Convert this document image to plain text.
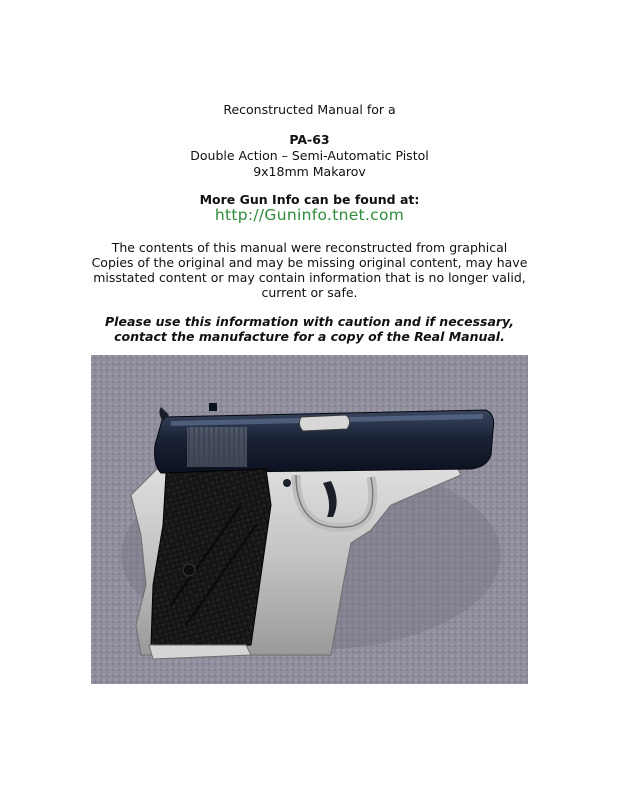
Reconstructed Manual for a
PA-63
Double Action – Semi-Automatic Pistol
9x18mm Makarov
More Gun Info can be found at:
http://Guninfo.tnet.com
The contents of this manual were reconstructed from graphical
Copies of the original and may be missing original content, may have
misstated content or may contain information that is no longer valid,
current or safe.
Please use this information with caution and if necessary,
contact the manufacture for a copy of the Real Manual.
